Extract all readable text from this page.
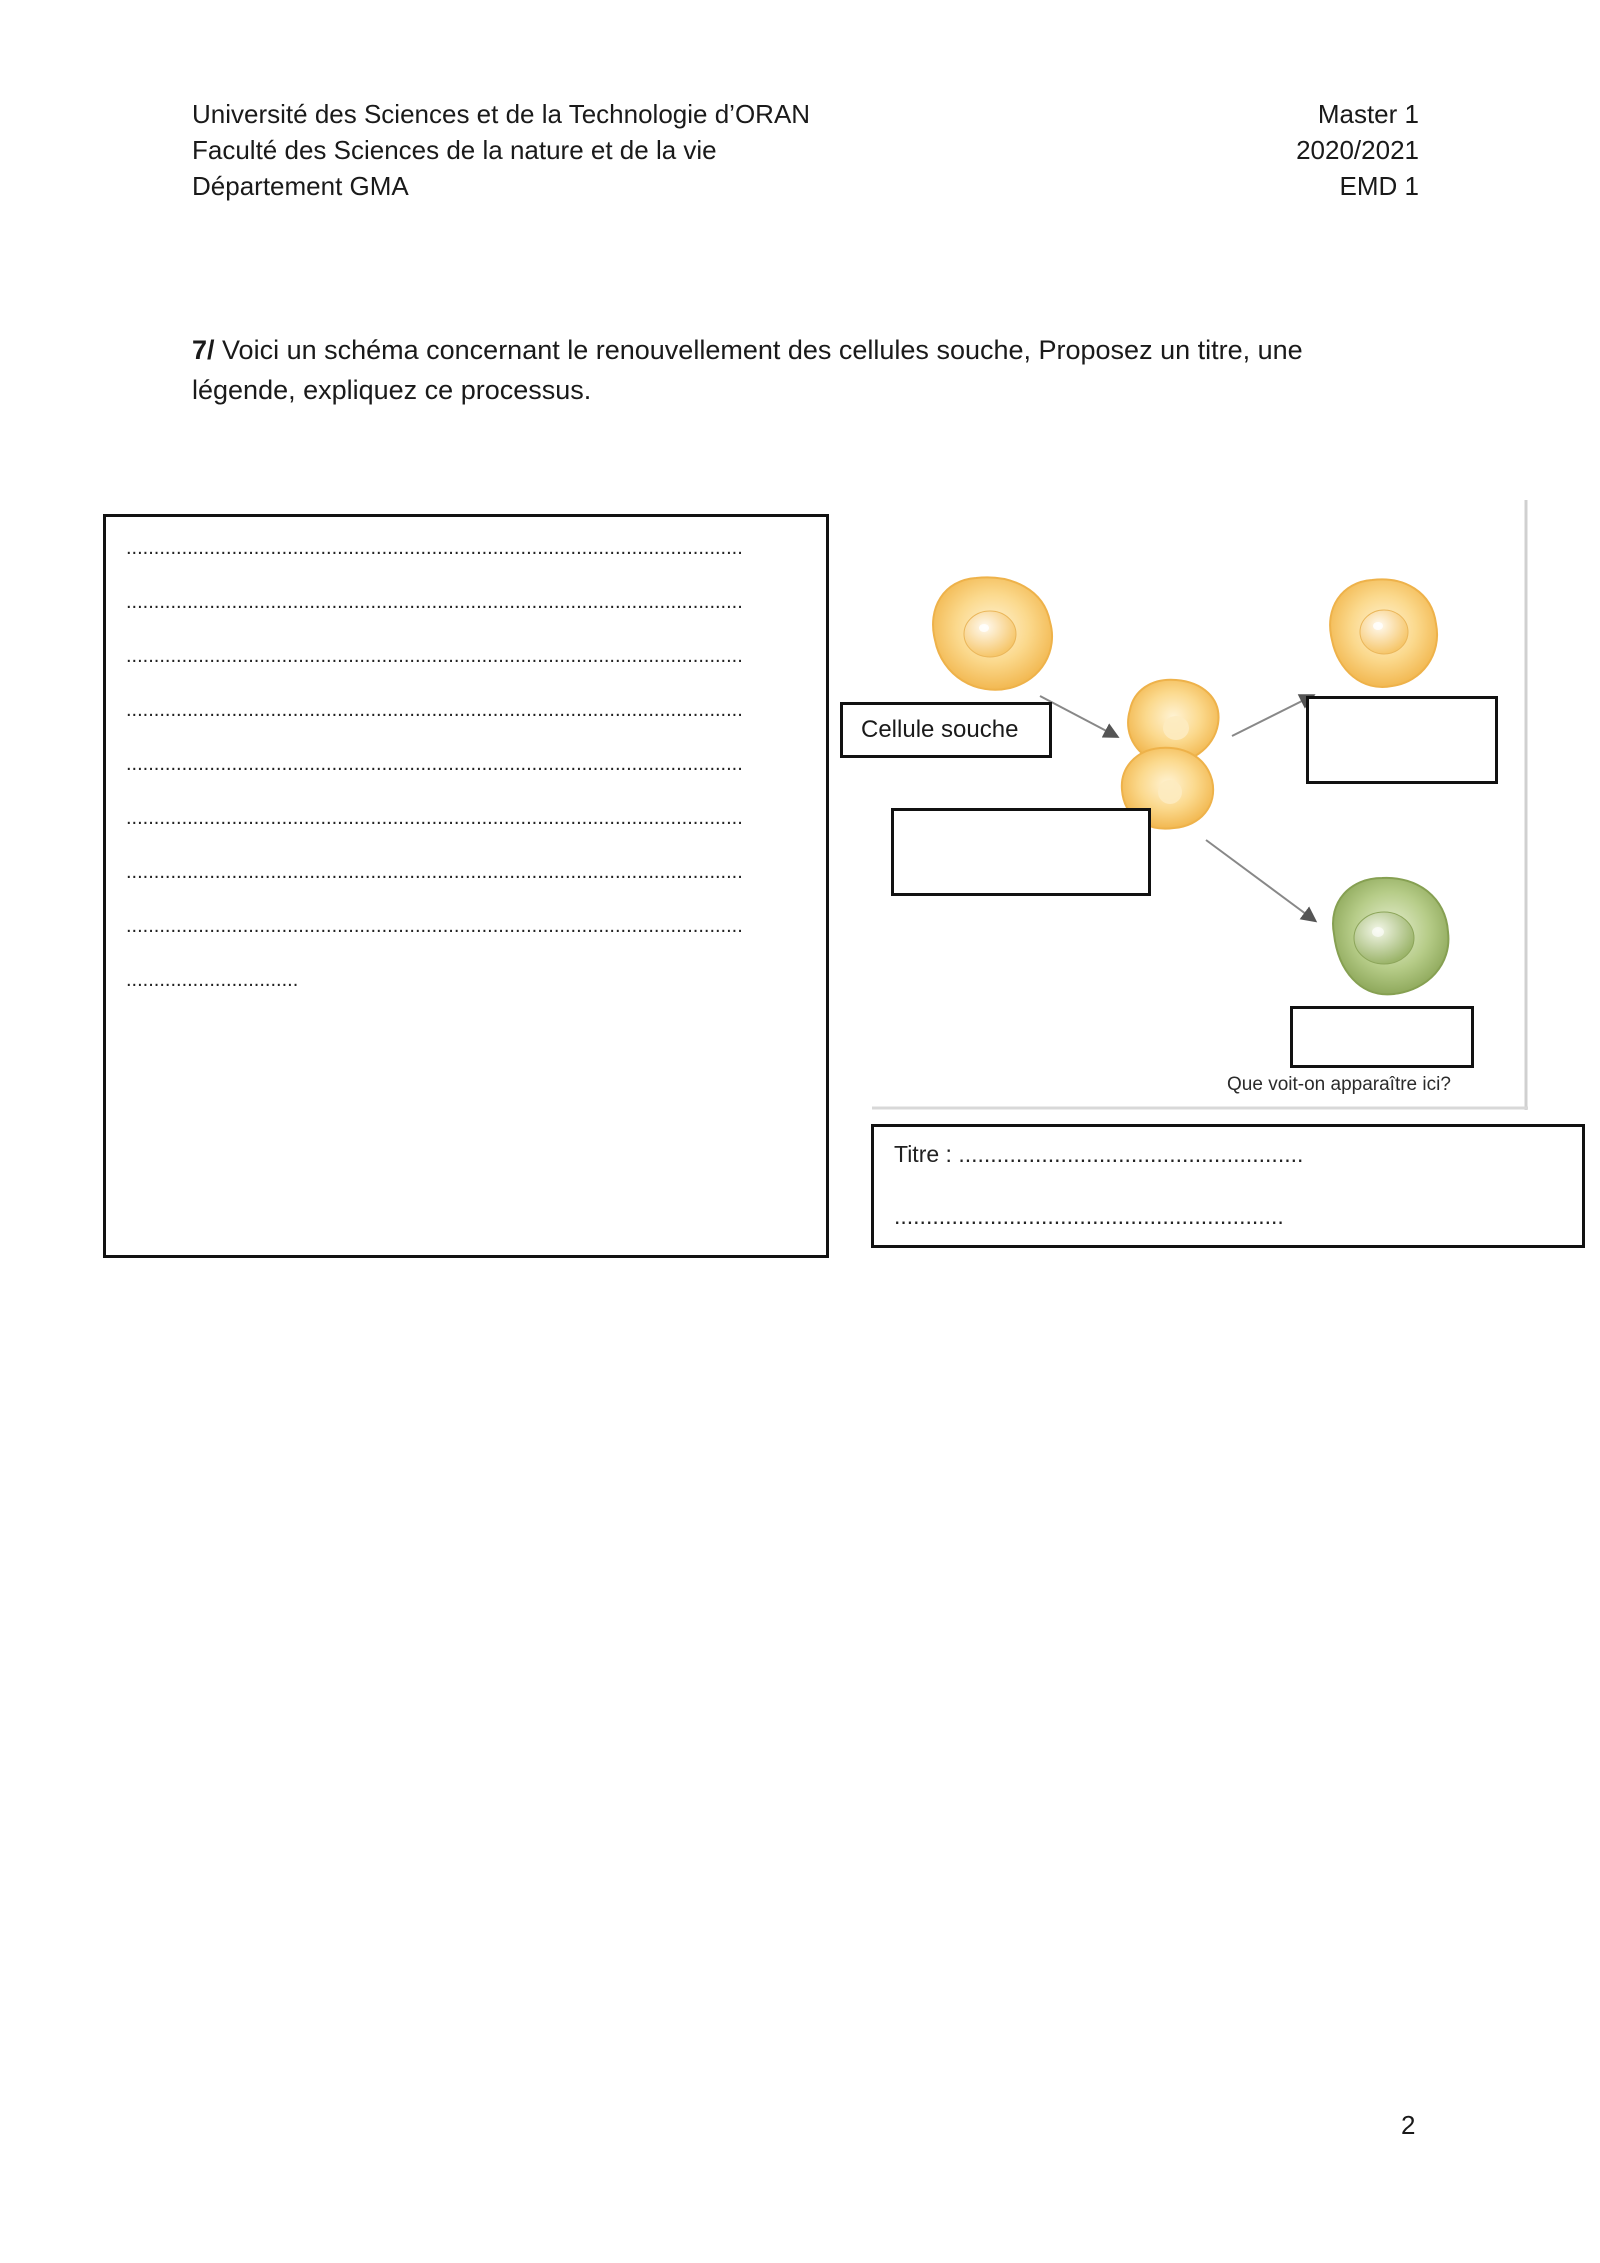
Université des Sciences et de la Technologie d’ORAN
Faculté des Sciences de la nature et de la vie
Département GMA
Master 1
2020/2021
EMD 1
7/ Voici un schéma concernant le renouvellement des cellules souche, Proposez un titre, une légende, expliquez ce processus.
...............................................................................................................
...............................................................................................................
...............................................................................................................
...............................................................................................................
...............................................................................................................
...............................................................................................................
...............................................................................................................
...............................................................................................................
...............................
Cellule souche
Que voit-on apparaître ici?
Titre : ......................................................
.............................................................
2
